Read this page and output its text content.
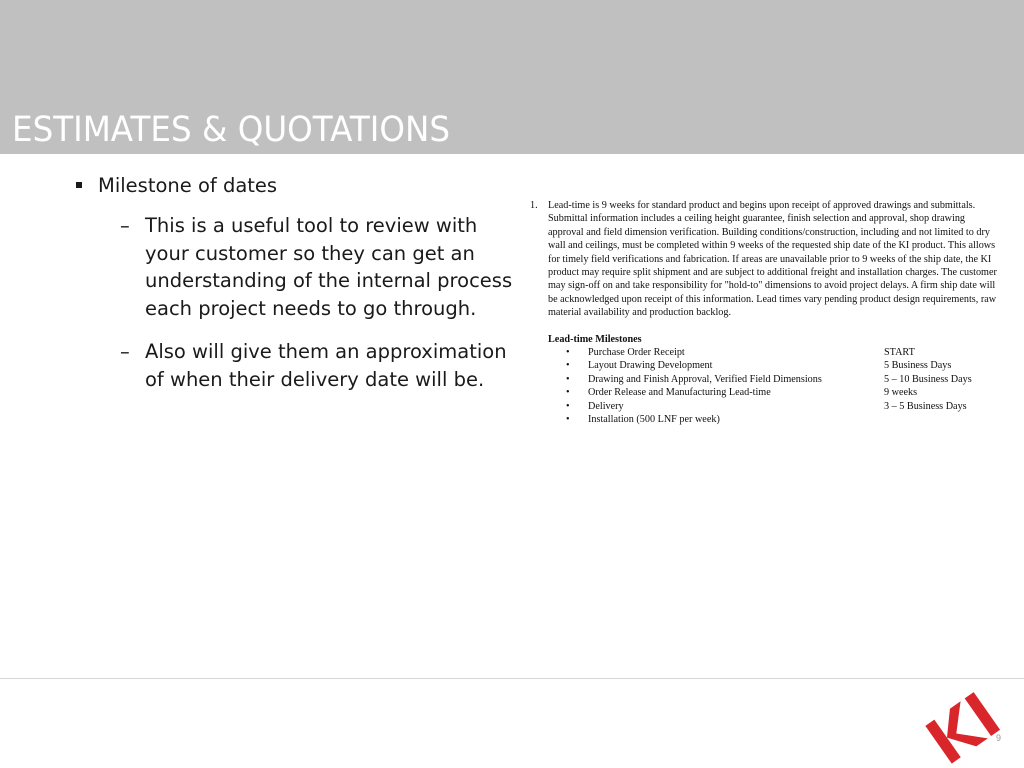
ESTIMATES & QUOTATIONS
Milestone of dates
– This is a useful tool to review with your customer so they can get an understanding of the internal process each project needs to go through.
– Also will give them an approximation of when their delivery date will be.
1. Lead-time is 9 weeks for standard product and begins upon receipt of approved drawings and submittals. Submittal information includes a ceiling height guarantee, finish selection and approval, shop drawing approval and field dimension verification. Building conditions/construction, including and not limited to dry wall and ceilings, must be completed within 9 weeks of the requested ship date of the KI product. This allows for timely field verifications and fabrication. If areas are unavailable prior to 9 weeks of the ship date, the KI product may require split shipment and are subject to additional freight and installation charges. The customer may sign-off on and take responsibility for "hold-to" dimensions to avoid project delays. A firm ship date will be acknowledged upon receipt of this information. Lead times vary pending product design requirements, raw material availability and production backlog.
Lead-time Milestones
• Purchase Order Receipt	START
• Layout Drawing Development	5 Business Days
• Drawing and Finish Approval, Verified Field Dimensions	5 – 10 Business Days
• Order Release and Manufacturing Lead-time	9 weeks
• Delivery	3 – 5 Business Days
• Installation (500 LNF per week)
9
